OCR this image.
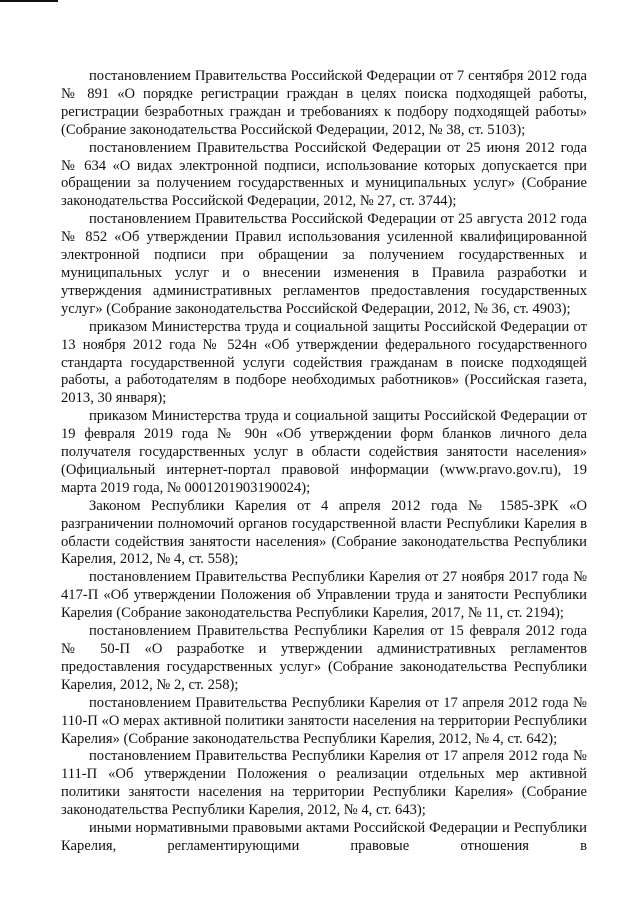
постановлением Правительства Российской Федерации от 7 сентября 2012 года № 891 «О порядке регистрации граждан в целях поиска подходящей работы, регистрации безработных граждан и требованиях к подбору подходящей работы» (Собрание законодательства Российской Федерации, 2012, № 38, ст. 5103);

постановлением Правительства Российской Федерации от 25 июня 2012 года № 634 «О видах электронной подписи, использование которых допускается при обращении за получением государственных и муниципальных услуг» (Собрание законодательства Российской Федерации, 2012, № 27, ст. 3744);

постановлением Правительства Российской Федерации от 25 августа 2012 года № 852 «Об утверждении Правил использования усиленной квалифицированной электронной подписи при обращении за получением государственных и муниципальных услуг и о внесении изменения в Правила разработки и утверждения административных регламентов предоставления государственных услуг» (Собрание законодательства Российской Федерации, 2012, № 36, ст. 4903);

приказом Министерства труда и социальной защиты Российской Федерации от 13 ноября 2012 года № 524н «Об утверждении федерального государственного стандарта государственной услуги содействия гражданам в поиске подходящей работы, а работодателям в подборе необходимых работников» (Российская газета, 2013, 30 января);

приказом Министерства труда и социальной защиты Российской Федерации от 19 февраля 2019 года № 90н «Об утверждении форм бланков личного дела получателя государственных услуг в области содействия занятости населения» (Официальный интернет-портал правовой информации (www.pravo.gov.ru), 19 марта 2019 года, № 0001201903190024);

Законом Республики Карелия от 4 апреля 2012 года № 1585-ЗРК «О разграничении полномочий органов государственной власти Республики Карелия в области содействия занятости населения» (Собрание законодательства Республики Карелия, 2012, № 4, ст. 558);

постановлением Правительства Республики Карелия от 27 ноября 2017 года № 417-П «Об утверждении Положения об Управлении труда и занятости Республики Карелия (Собрание законодательства Республики Карелия, 2017, № 11, ст. 2194);

постановлением Правительства Республики Карелия от 15 февраля 2012 года № 50-П «О разработке и утверждении административных регламентов предоставления государственных услуг» (Собрание законодательства Республики Карелия, 2012, № 2, ст. 258);

постановлением Правительства Республики Карелия от 17 апреля 2012 года № 110-П «О мерах активной политики занятости населения на территории Республики Карелия» (Собрание законодательства Республики Карелия, 2012, № 4, ст. 642);

постановлением Правительства Республики Карелия от 17 апреля 2012 года № 111-П «Об утверждении Положения о реализации отдельных мер активной политики занятости населения на территории Республики Карелия» (Собрание законодательства Республики Карелия, 2012, № 4, ст. 643);

иными нормативными правовыми актами Российской Федерации и Республики Карелия, регламентирующими правовые отношения в
